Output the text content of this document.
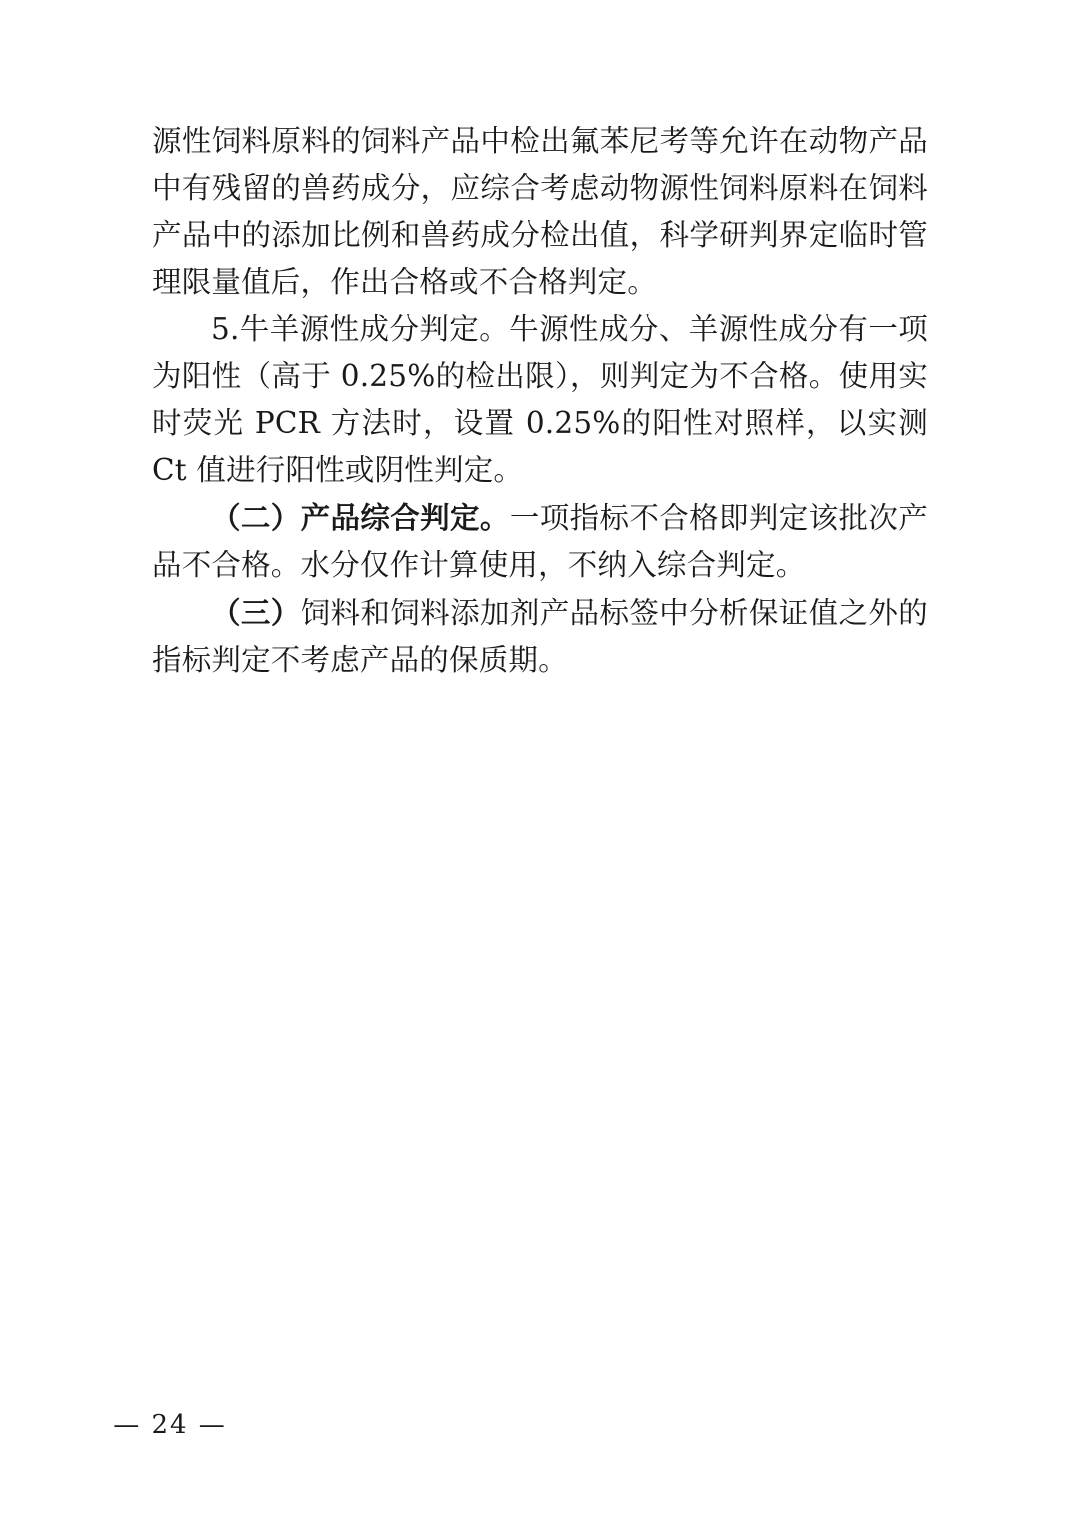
源性饲料原料的饲料产品中检出氟苯尼考等允许在动物产品中有残留的兽药成分，应综合考虑动物源性饲料原料在饲料产品中的添加比例和兽药成分检出值，科学研判界定临时管理限量值后，作出合格或不合格判定。

5.牛羊源性成分判定。牛源性成分、羊源性成分有一项为阳性（高于 0.25%的检出限），则判定为不合格。使用实时荧光 PCR 方法时，设置 0.25%的阳性对照样，以实测 Ct 值进行阳性或阴性判定。

（二）产品综合判定。一项指标不合格即判定该批次产品不合格。水分仅作计算使用，不纳入综合判定。

（三）饲料和饲料添加剂产品标签中分析保证值之外的指标判定不考虑产品的保质期。

— 24 —
